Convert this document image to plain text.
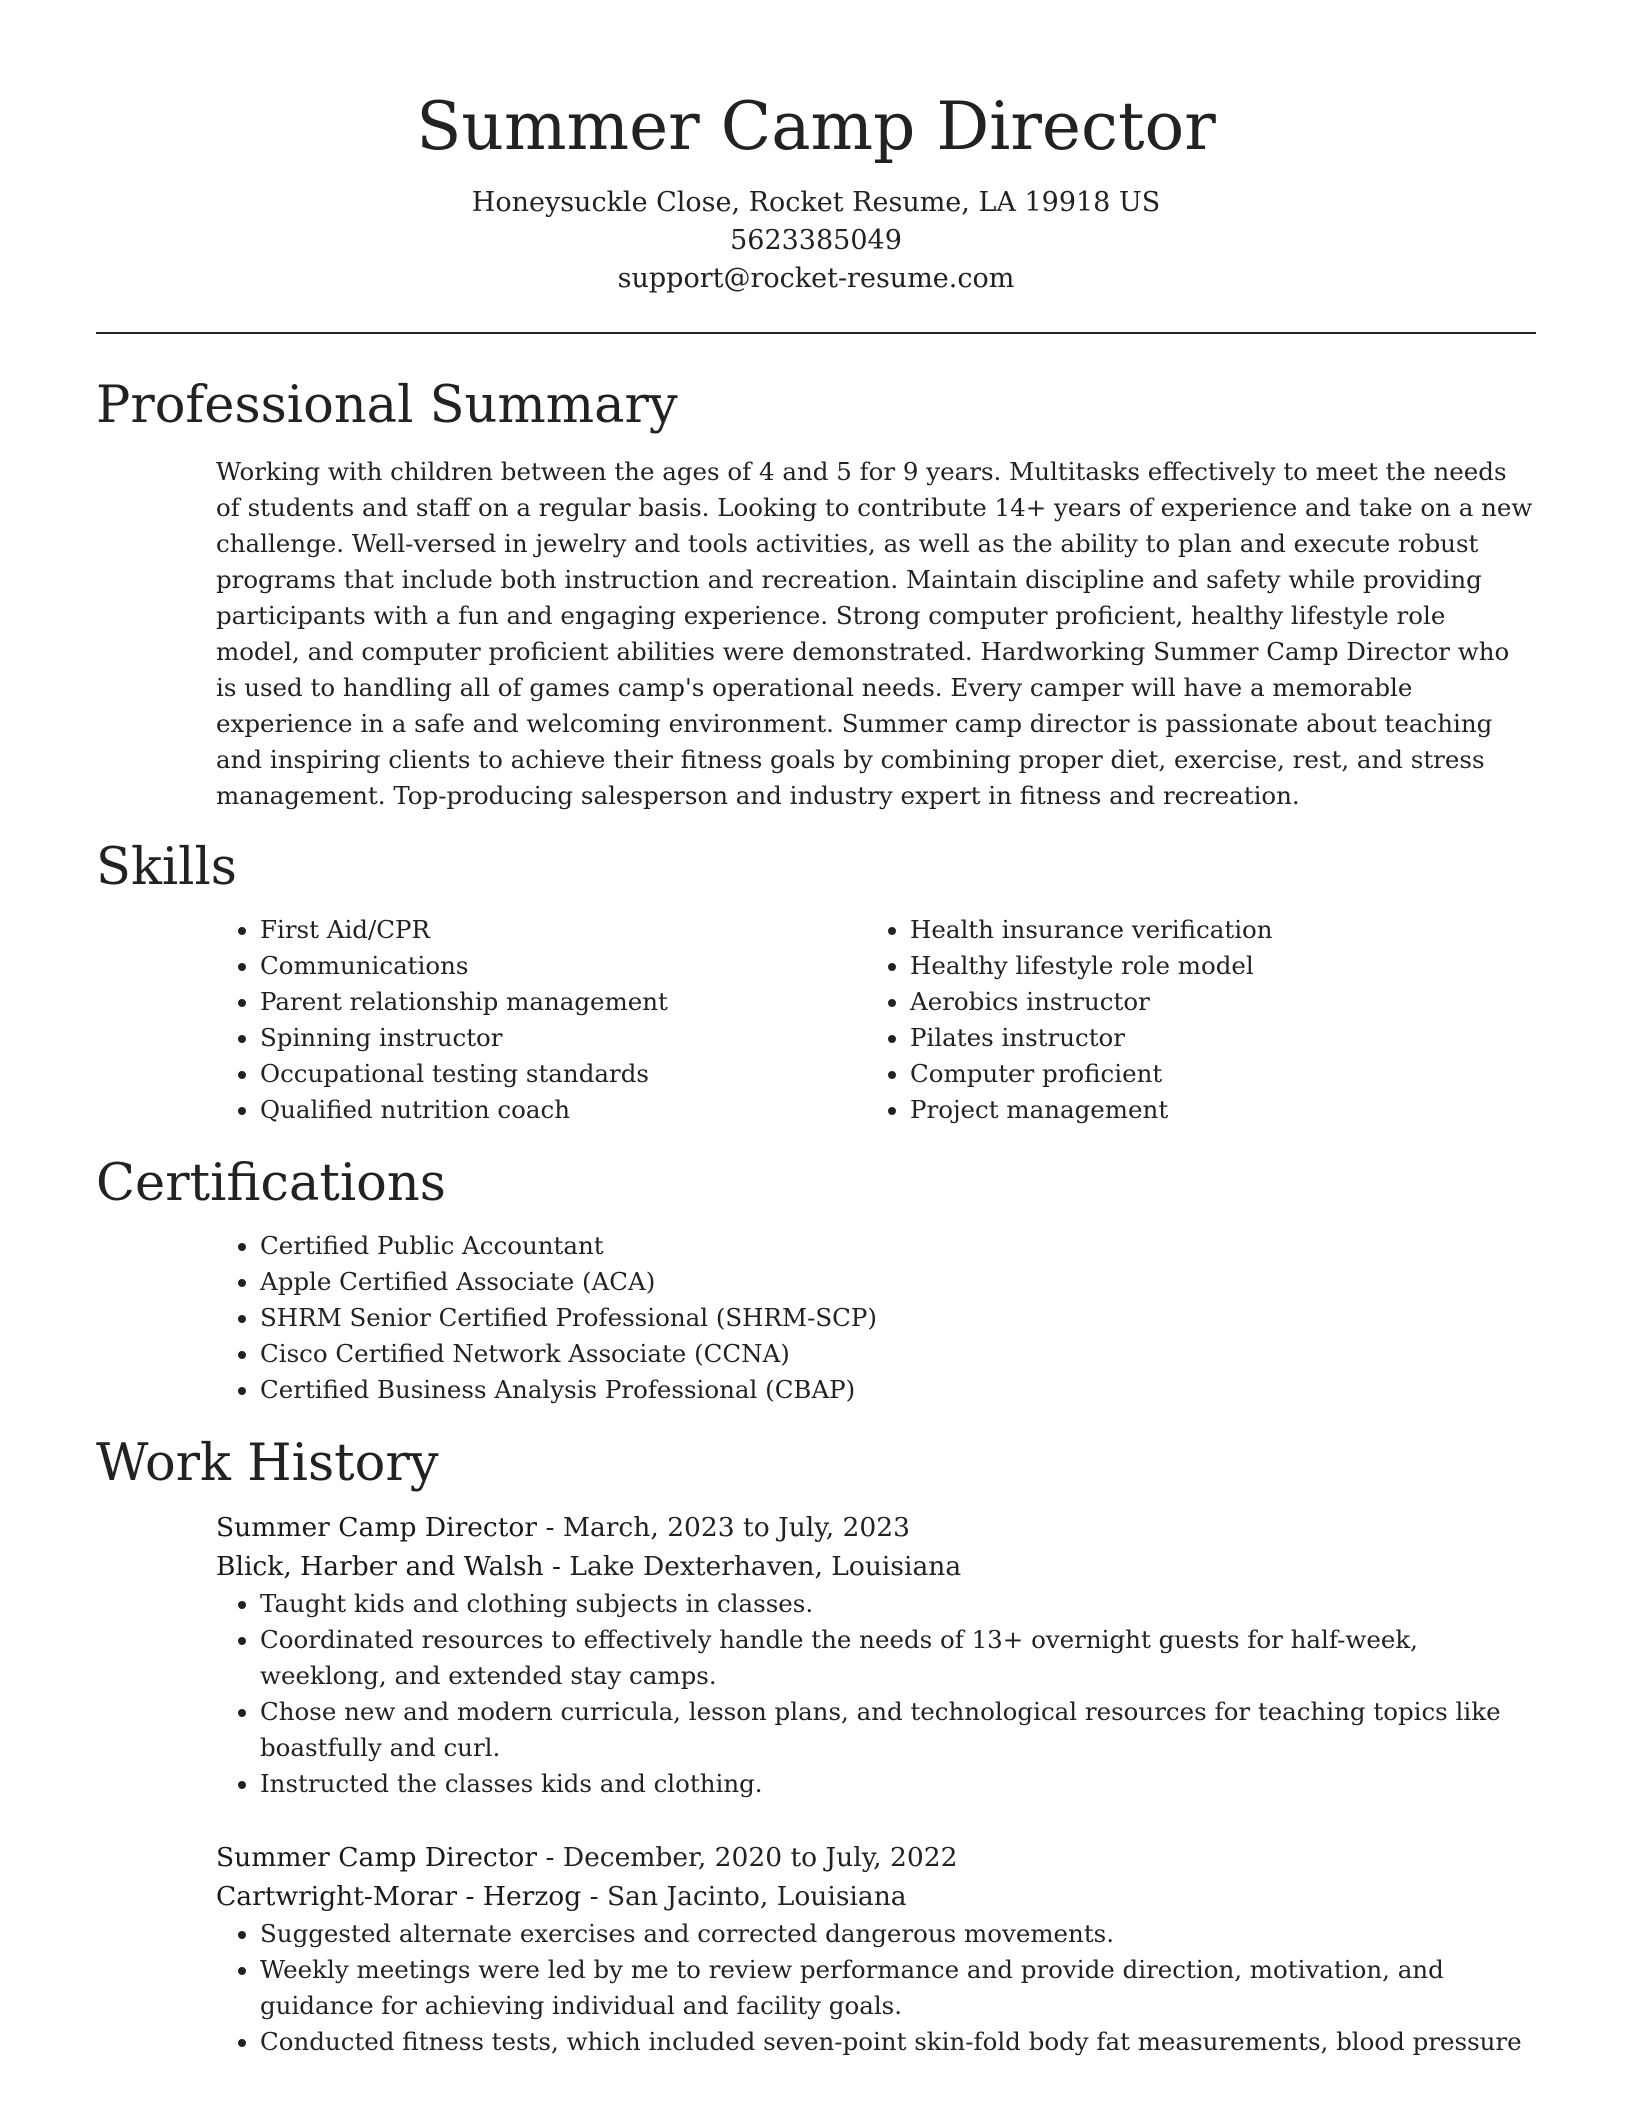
Summer Camp Director
Honeysuckle Close, Rocket Resume, LA 19918 US
5623385049
support@rocket-resume.com
Professional Summary
Working with children between the ages of 4 and 5 for 9 years. Multitasks effectively to meet the needs of students and staff on a regular basis. Looking to contribute 14+ years of experience and take on a new challenge. Well-versed in jewelry and tools activities, as well as the ability to plan and execute robust programs that include both instruction and recreation. Maintain discipline and safety while providing participants with a fun and engaging experience. Strong computer proficient, healthy lifestyle role model, and computer proficient abilities were demonstrated. Hardworking Summer Camp Director who is used to handling all of games camp's operational needs. Every camper will have a memorable experience in a safe and welcoming environment. Summer camp director is passionate about teaching and inspiring clients to achieve their fitness goals by combining proper diet, exercise, rest, and stress management. Top-producing salesperson and industry expert in fitness and recreation.
Skills
• First Aid/CPR
• Communications
• Parent relationship management
• Spinning instructor
• Occupational testing standards
• Qualified nutrition coach
• Health insurance verification
• Healthy lifestyle role model
• Aerobics instructor
• Pilates instructor
• Computer proficient
• Project management
Certifications
• Certified Public Accountant
• Apple Certified Associate (ACA)
• SHRM Senior Certified Professional (SHRM-SCP)
• Cisco Certified Network Associate (CCNA)
• Certified Business Analysis Professional (CBAP)
Work History
Summer Camp Director - March, 2023 to July, 2023
Blick, Harber and Walsh - Lake Dexterhaven, Louisiana
• Taught kids and clothing subjects in classes.
• Coordinated resources to effectively handle the needs of 13+ overnight guests for half-week, weeklong, and extended stay camps.
• Chose new and modern curricula, lesson plans, and technological resources for teaching topics like boastfully and curl.
• Instructed the classes kids and clothing.
Summer Camp Director - December, 2020 to July, 2022
Cartwright-Morar - Herzog - San Jacinto, Louisiana
• Suggested alternate exercises and corrected dangerous movements.
• Weekly meetings were led by me to review performance and provide direction, motivation, and guidance for achieving individual and facility goals.
• Conducted fitness tests, which included seven-point skin-fold body fat measurements, blood pressure
